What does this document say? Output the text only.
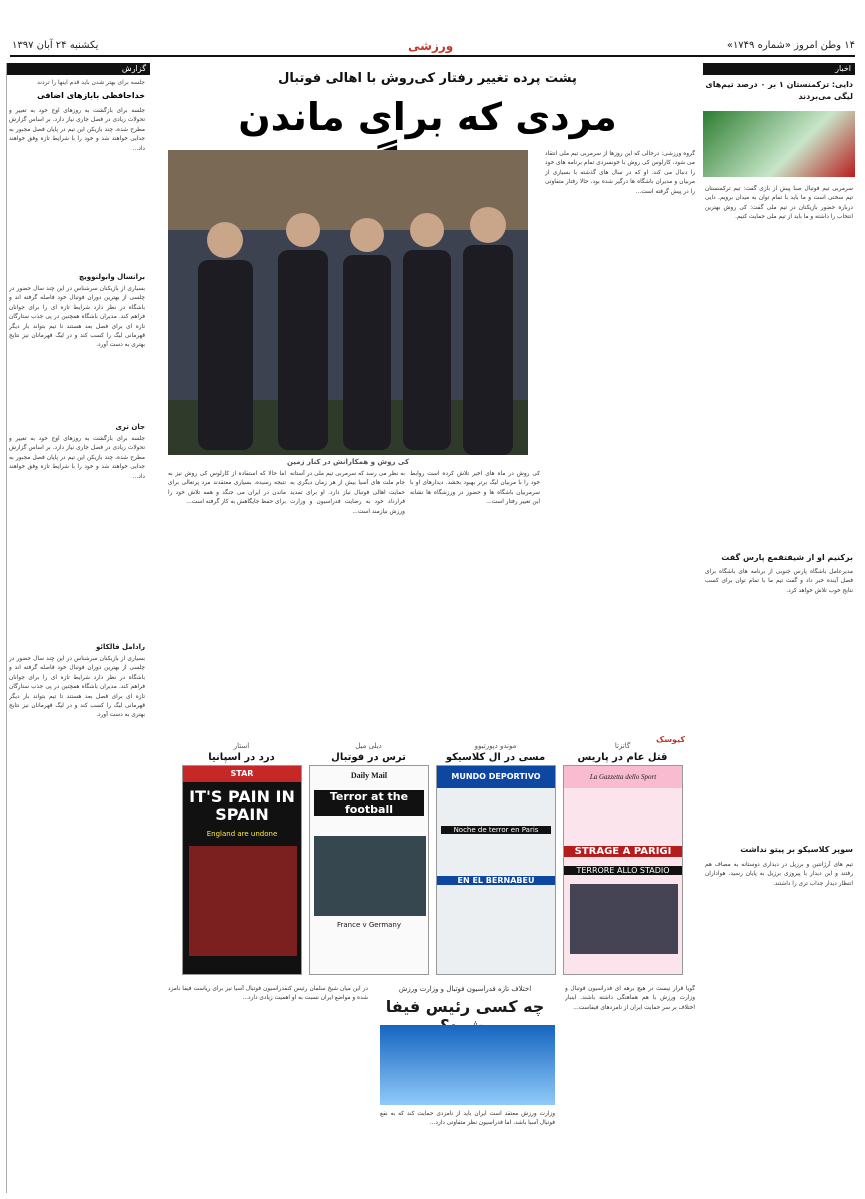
۱۴ وطن امروز «شماره ۱۷۴۹»
ورزشی
یکشنبه ۲۴ آبان ۱۳۹۷
گزارش
جلسه برای بهتر شدن باید قدم اینها را تردند
خداحافظی بابازهای اضافی
جلسه برای بازگشت به روزهای اوج خود به تغییر و تحولات زیادی در فصل جاری نیاز دارد. بر اساس گزارش مطرح شده، چند بازیکن این تیم در پایان فصل مجبور به جدایی خواهند شد و خود را با شرایط تازه وفق خواهند داد...
برانسال وابولنوویچ
بسیاری از بازیکنان سرشناس در این چند سال حضور در چلسی از بهترین دوران فوتبال خود فاصله گرفته اند و باشگاه در نظر دارد شرایط تازه ای را برای جوانان فراهم کند. مدیران باشگاه همچنین در پی جذب ستارگان تازه ای برای فصل بعد هستند تا تیم بتواند بار دیگر قهرمانی لیگ را کسب کند و در لیگ قهرمانان نیز نتایج بهتری به دست آورد.
جان تری
جلسه برای بازگشت به روزهای اوج خود به تغییر و تحولات زیادی در فصل جاری نیاز دارد. بر اساس گزارش مطرح شده، چند بازیکن این تیم در پایان فصل مجبور به جدایی خواهند شد و خود را با شرایط تازه وفق خواهند داد...
رادامل فالکائو
بسیاری از بازیکنان سرشناس در این چند سال حضور در چلسی از بهترین دوران فوتبال خود فاصله گرفته اند و باشگاه در نظر دارد شرایط تازه ای را برای جوانان فراهم کند. مدیران باشگاه همچنین در پی جذب ستارگان تازه ای برای فصل بعد هستند تا تیم بتواند بار دیگر قهرمانی لیگ را کسب کند و در لیگ قهرمانان نیز نتایج بهتری به دست آورد.
اخبار
دایی: ترکمنستان ۱ بر ۰ درصد تیم‌های لیگی می‌بردند
سرمربی تیم فوتبال صبا پیش از بازی گفت: تیم ترکمنستان تیم سختی است و ما باید با تمام توان به میدان برویم. دایی درباره حضور بازیکنان در تیم ملی گفت: کی روش بهترین انتخاب را داشته و ما باید از تیم ملی حمایت کنیم.
برکنیم او از شیفتقمع پارس گفت
مدیرعامل باشگاه پارس جنوبی از برنامه های باشگاه برای فصل آینده خبر داد و گفت تیم ما با تمام توان برای کسب نتایج خوب تلاش خواهد کرد.
سوپر کلاسیکو بر پیتو نداشت
تیم های آرژانتین و برزیل در دیداری دوستانه به مصاف هم رفتند و این دیدار با پیروزی برزیل به پایان رسید. هواداران انتظار دیدار جذاب تری را داشتند.
پشت پرده تغییر رفتار کی‌روش با اهالی فوتبال
مردی که برای ماندن
کی روش و همکارانش در کنار زمین
گروه ورزشی: درحالی که این روزها از سرمربی تیم ملی انتقاد می شود، کارلوس کی روش با خونسردی تمام برنامه های خود را دنبال می کند. او که در سال های گذشته با بسیاری از مربیان و مدیران باشگاه ها درگیر شده بود، حالا رفتار متفاوتی را در پیش گرفته است...
کی روش در ماه های اخیر تلاش کرده است روابط خود را با مربیان لیگ برتر بهبود بخشد. دیدارهای او با سرمربیان باشگاه ها و حضور در ورزشگاه ها نشانه این تغییر رفتار است...
به نظر می رسد که سرمربی تیم ملی در آستانه جام ملت های آسیا بیش از هر زمان دیگری به حمایت اهالی فوتبال نیاز دارد. او برای تمدید قرارداد خود به رضایت فدراسیون و وزارت ورزش نیازمند است...
اما حالا که استفاده از کارلوس کی روش نیز به نتیجه رسیده، بسیاری معتقدند مرد پرتغالی برای ماندن در ایران می جنگد و همه تلاش خود را برای حفظ جایگاهش به کار گرفته است...
کیوسک
گاتزتا
قتل عام در پاریس
La Gazzetta dello Sport
STRAGE A PARIGI
TERRORE ALLO STADIO
موندو دپورتیوو
مسی در ال کلاسیکو
MUNDO DEPORTIVO
Noche de terror en Paris
EN EL BERNABEU
دیلی میل
ترس در فوتبال
Daily Mail
Terror at the football
France v Germany
استار
درد در اسپانیا
STAR
IT'S PAIN IN SPAIN
England are undone
اختلاف تازه فدراسیون فوتبال و وزارت ورزش
چه کسی رئیس فیفا
گویا قرار نیست در هیچ برهه ای فدراسیون فوتبال و وزارت ورزش با هم هماهنگی داشته باشند. اینبار اختلاف بر سر حمایت ایران از نامزدهای فیفاست...
وزارت ورزش معتقد است ایران باید از نامزدی حمایت کند که به نفع فوتبال آسیا باشد، اما فدراسیون نظر متفاوتی دارد...
در این میان شیخ سلمان رئیس کنفدراسیون فوتبال آسیا نیز برای ریاست فیفا نامزد شده و مواضع ایران نسبت به او اهمیت زیادی دارد...
